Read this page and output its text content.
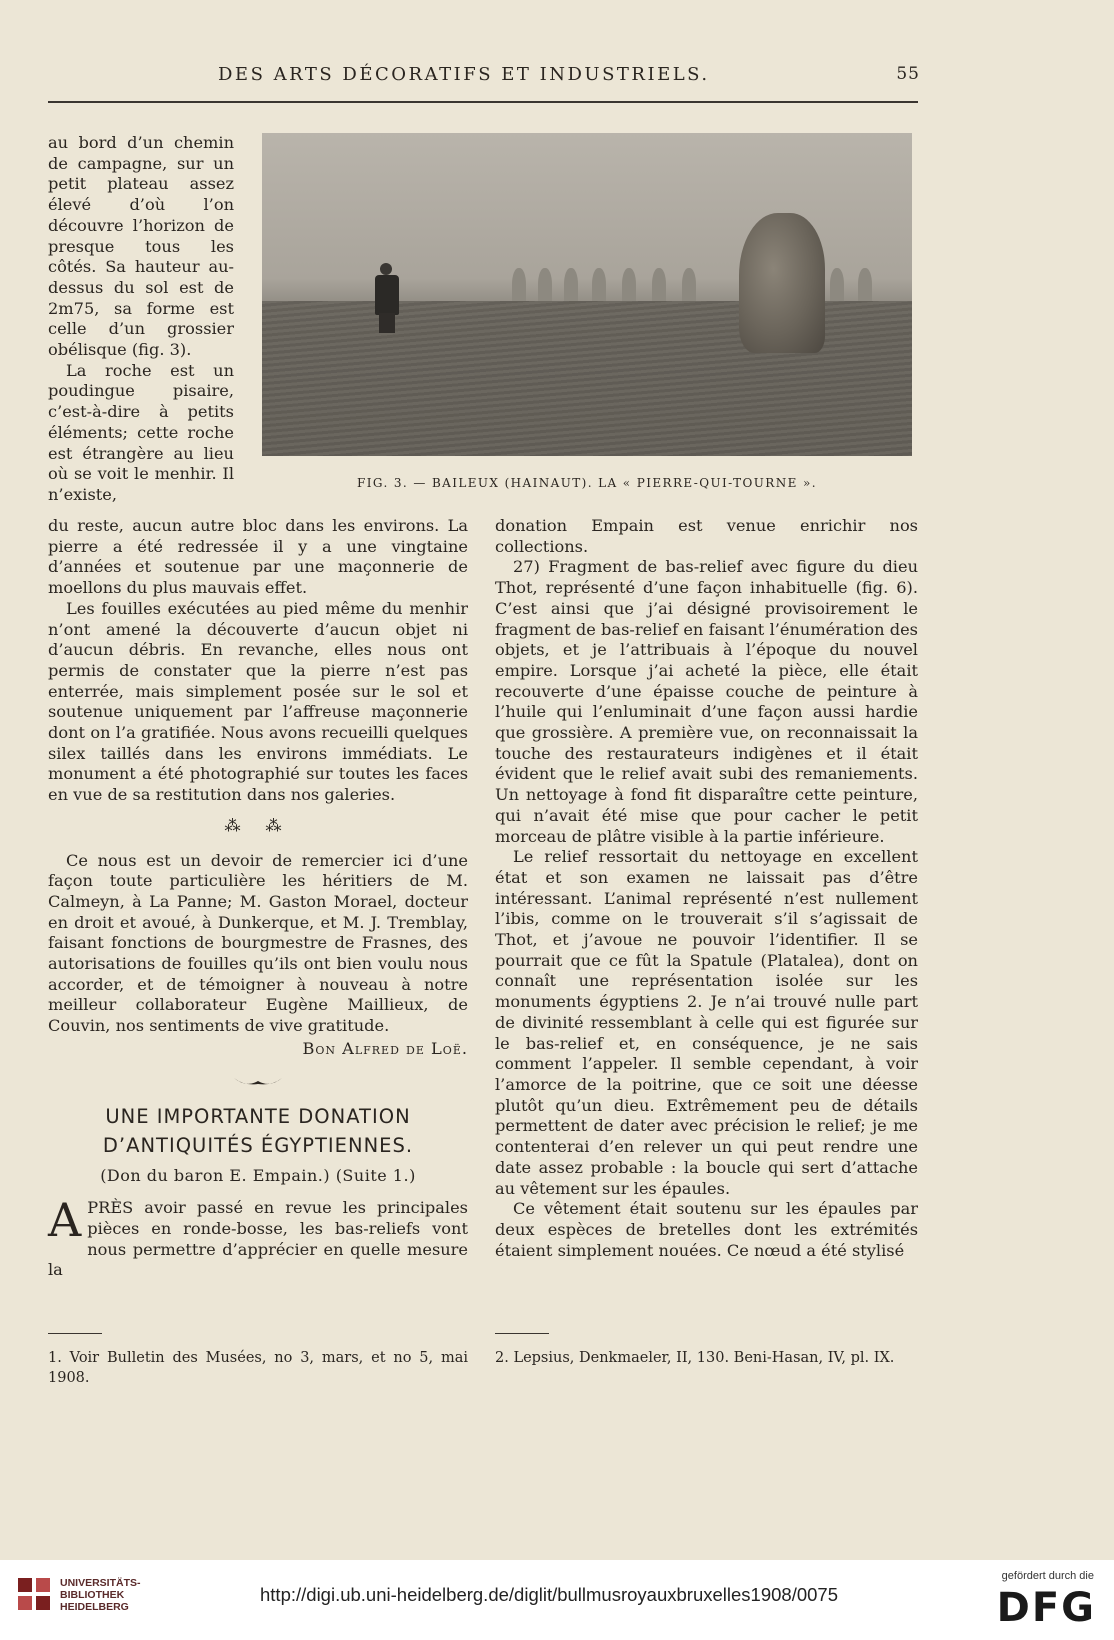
DES ARTS DÉCORATIFS ET INDUSTRIELS.	55

au bord d’un chemin de campagne, sur un petit plateau assez élevé d’où l’on découvre l’horizon de presque tous les côtés. Sa hauteur au-dessus du sol est de 2m75, sa forme est celle d’un grossier obélisque (fig. 3).

La roche est un poudingue pisaire, c’est-à-dire à petits éléments; cette roche est étrangère au lieu où se voit le menhir. Il n’existe,

FIG. 3. — BAILEUX (HAINAUT). LA « PIERRE-QUI-TOURNE ».

du reste, aucun autre bloc dans les environs. La pierre a été redressée il y a une vingtaine d’années et soutenue par une maçonnerie de moellons du plus mauvais effet.

Les fouilles exécutées au pied même du menhir n’ont amené la découverte d’aucun objet ni d’aucun débris. En revanche, elles nous ont permis de constater que la pierre n’est pas enterrée, mais simplement posée sur le sol et soutenue uniquement par l’affreuse maçonnerie dont on l’a gratifiée. Nous avons recueilli quelques silex taillés dans les environs immédiats. Le monument a été photographié sur toutes les faces en vue de sa restitution dans nos galeries.

⁂ ⁂

Ce nous est un devoir de remercier ici d’une façon toute particulière les héritiers de M. Calmeyn, à La Panne; M. Gaston Morael, docteur en droit et avoué, à Dunkerque, et M. J. Tremblay, faisant fonctions de bourgmestre de Frasnes, des autorisations de fouilles qu’ils ont bien voulu nous accorder, et de témoigner à nouveau à notre meilleur collaborateur Eugène Maillieux, de Couvin, nos sentiments de vive gratitude.

Bon Alfred de Loë.
UNE IMPORTANTE DONATION
D’ANTIQUITÉS ÉGYPTIENNES.
(Don du baron E. Empain.) (Suite 1.)

APRÈS avoir passé en revue les principales pièces en ronde-bosse, les bas-reliefs vont nous permettre d’apprécier en quelle mesure la

donation Empain est venue enrichir nos collections.

27) Fragment de bas-relief avec figure du dieu Thot, représenté d’une façon inhabituelle (fig. 6). C’est ainsi que j’ai désigné provisoirement le fragment de bas-relief en faisant l’énumération des objets, et je l’attribuais à l’époque du nouvel empire. Lorsque j’ai acheté la pièce, elle était recouverte d’une épaisse couche de peinture à l’huile qui l’enluminait d’une façon aussi hardie que grossière. A première vue, on reconnaissait la touche des restaurateurs indigènes et il était évident que le relief avait subi des remaniements. Un nettoyage à fond fit disparaître cette peinture, qui n’avait été mise que pour cacher le petit morceau de plâtre visible à la partie inférieure.

Le relief ressortait du nettoyage en excellent état et son examen ne laissait pas d’être intéressant. L’animal représenté n’est nullement l’ibis, comme on le trouverait s’il s’agissait de Thot, et j’avoue ne pouvoir l’identifier. Il se pourrait que ce fût la Spatule (Platalea), dont on connaît une représentation isolée sur les monuments égyptiens 2. Je n’ai trouvé nulle part de divinité ressemblant à celle qui est figurée sur le bas-relief et, en conséquence, je ne sais comment l’appeler. Il semble cependant, à voir l’amorce de la poitrine, que ce soit une déesse plutôt qu’un dieu. Extrêmement peu de détails permettent de dater avec précision le relief; je me contenterai d’en relever un qui peut rendre une date assez probable : la boucle qui sert d’attache au vêtement sur les épaules.

Ce vêtement était soutenu sur les épaules par deux espèces de bretelles dont les extrémités étaient simplement nouées. Ce nœud a été stylisé

1. Voir Bulletin des Musées, no 3, mars, et no 5, mai 1908.
2. Lepsius, Denkmaeler, II, 130. Beni-Hasan, IV, pl. IX.
UNIVERSITÄTS-
BIBLIOTHEK
HEIDELBERG
http://digi.ub.uni-heidelberg.de/diglit/bullmusroyauxbruxelles1908/0075
gefördert durch die
DFG
